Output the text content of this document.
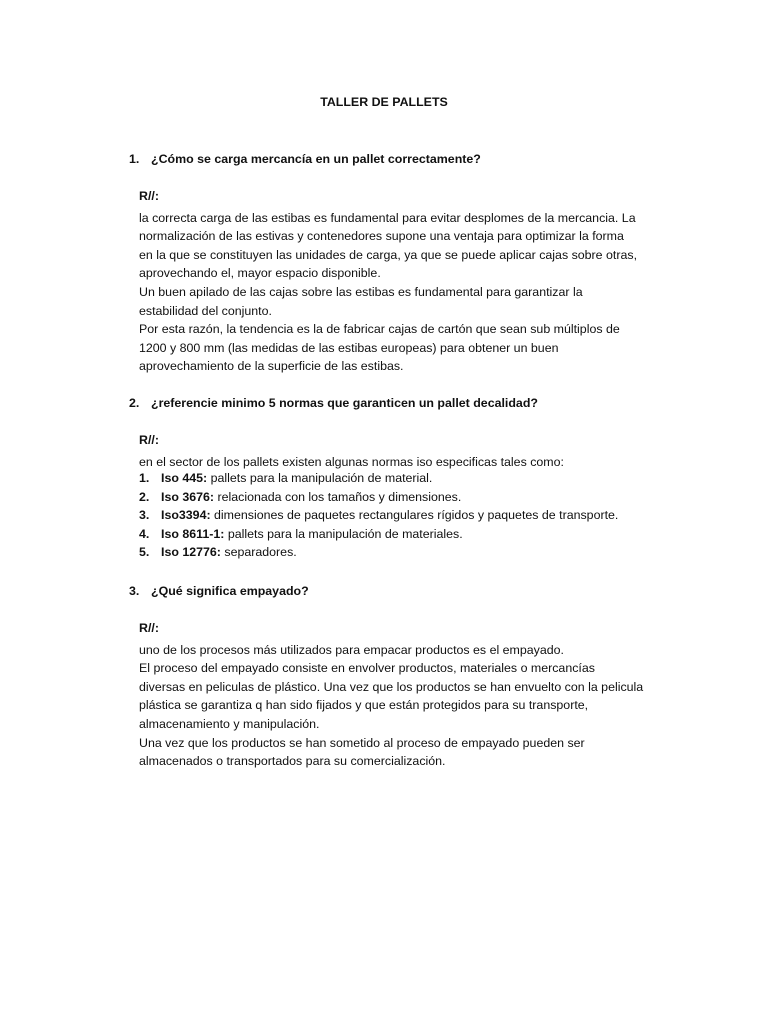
TALLER DE PALLETS
1. ¿Cómo se carga mercancía en un pallet correctamente?
R//:
la correcta carga de las estibas es fundamental para evitar desplomes de la mercancia. La
normalización de las estivas y contenedores supone una ventaja para optimizar la forma
en la que se constituyen las unidades de carga, ya que se puede aplicar cajas sobre otras,
aprovechando el, mayor espacio disponible.
Un buen apilado de las cajas sobre las estibas es fundamental para garantizar la
estabilidad del conjunto.
Por esta razón, la tendencia es la de fabricar cajas de cartón que sean sub múltiplos de
1200 y 800 mm (las medidas de las estibas europeas) para obtener un buen
aprovechamiento de la superficie de las estibas.
2. ¿referencie minimo 5 normas que garanticen un pallet decalidad?
R//:
en el sector de los pallets existen algunas normas iso especificas tales como:
1. Iso 445: pallets para la manipulación de material.
2. Iso 3676: relacionada con los tamaños y dimensiones.
3. Iso3394: dimensiones de paquetes rectangulares rígidos y paquetes de transporte.
4. Iso 8611-1: pallets para la manipulación de materiales.
5. Iso 12776: separadores.
3. ¿Qué significa empayado?
R//:
uno de los procesos más utilizados para empacar productos es el empayado.
El proceso del empayado consiste en envolver productos, materiales o mercancías
diversas en peliculas de plástico. Una vez que los productos se han envuelto con la pelicula
plástica se garantiza q han sido fijados y que están protegidos para su transporte,
almacenamiento y manipulación.
Una vez que los productos se han sometido al proceso de empayado pueden ser
almacenados o transportados para su comercialización.
